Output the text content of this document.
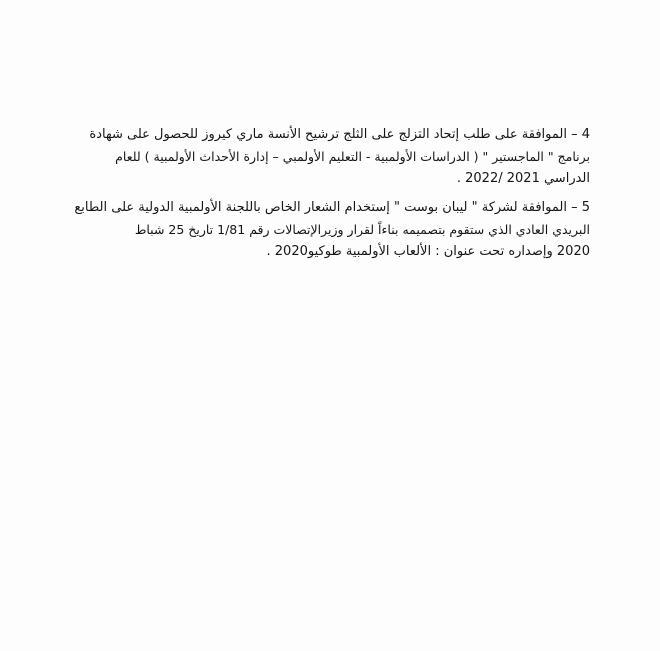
4 – الموافقة على طلب إتحاد التزلج على الثلج ترشيح الأنسة ماري كيروز للحصول على شهادة
برنامج " الماجستير " ( الدراسات الأولمبية - التعليم الأولمبي – إدارة الأحداث الأولمبية ) للعام
الدراسي 2021 /2022 .
5 – الموافقة لشركة " ليبان بوست " إستخدام الشعار الخاص باللجنة الأولمبية الدولية على الطابع
البريدي العادي الذي ستقوم بتصميمه بناءاً لقرار وزيرالإتصالات رقم 1/81 تاريخ 25 شباط
2020 وإصداره تحت عنوان : الألعاب الأولمبية طوكيو2020 .
